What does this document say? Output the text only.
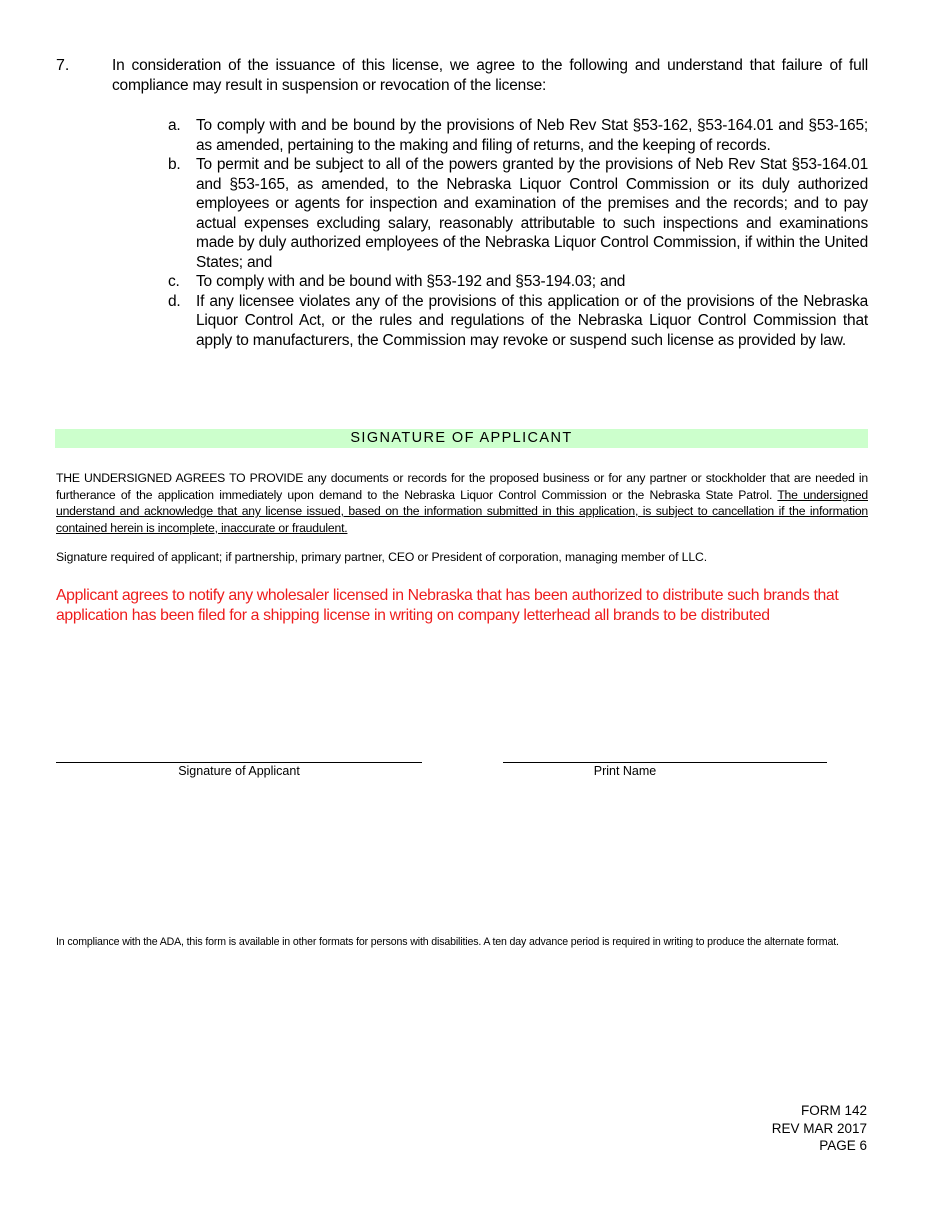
7.	In consideration of the issuance of this license, we agree to the following and understand that failure of full compliance may result in suspension or revocation of the license:
a. To comply with and be bound by the provisions of Neb Rev Stat §53-162, §53-164.01 and §53-165; as amended, pertaining to the making and filing of returns, and the keeping of records.
b. To permit and be subject to all of the powers granted by the provisions of Neb Rev Stat §53-164.01 and §53-165, as amended, to the Nebraska Liquor Control Commission or its duly authorized employees or agents for inspection and examination of the premises and the records; and to pay actual expenses excluding salary, reasonably attributable to such inspections and examinations made by duly authorized employees of the Nebraska Liquor Control Commission, if within the United States; and
c. To comply with and be bound with §53-192 and §53-194.03; and
d. If any licensee violates any of the provisions of this application or of the provisions of the Nebraska Liquor Control Act, or the rules and regulations of the Nebraska Liquor Control Commission that apply to manufacturers, the Commission may revoke or suspend such license as provided by law.
SIGNATURE OF APPLICANT
THE UNDERSIGNED AGREES TO PROVIDE any documents or records for the proposed business or for any partner or stockholder that are needed in furtherance of the application immediately upon demand to the Nebraska Liquor Control Commission or the Nebraska State Patrol. The undersigned understand and acknowledge that any license issued, based on the information submitted in this application, is subject to cancellation if the information contained herein is incomplete, inaccurate or fraudulent.
Signature required of applicant; if partnership, primary partner, CEO or President of corporation, managing member of LLC.
Applicant agrees to notify any wholesaler licensed in Nebraska that has been authorized to distribute such brands that application has been filed for a shipping license in writing on company letterhead all brands to be distributed
Signature of Applicant	Print Name
In compliance with the ADA, this form is available in other formats for persons with disabilities. A ten day advance period is required in writing to produce the alternate format.
FORM 142
REV MAR 2017
PAGE 6
